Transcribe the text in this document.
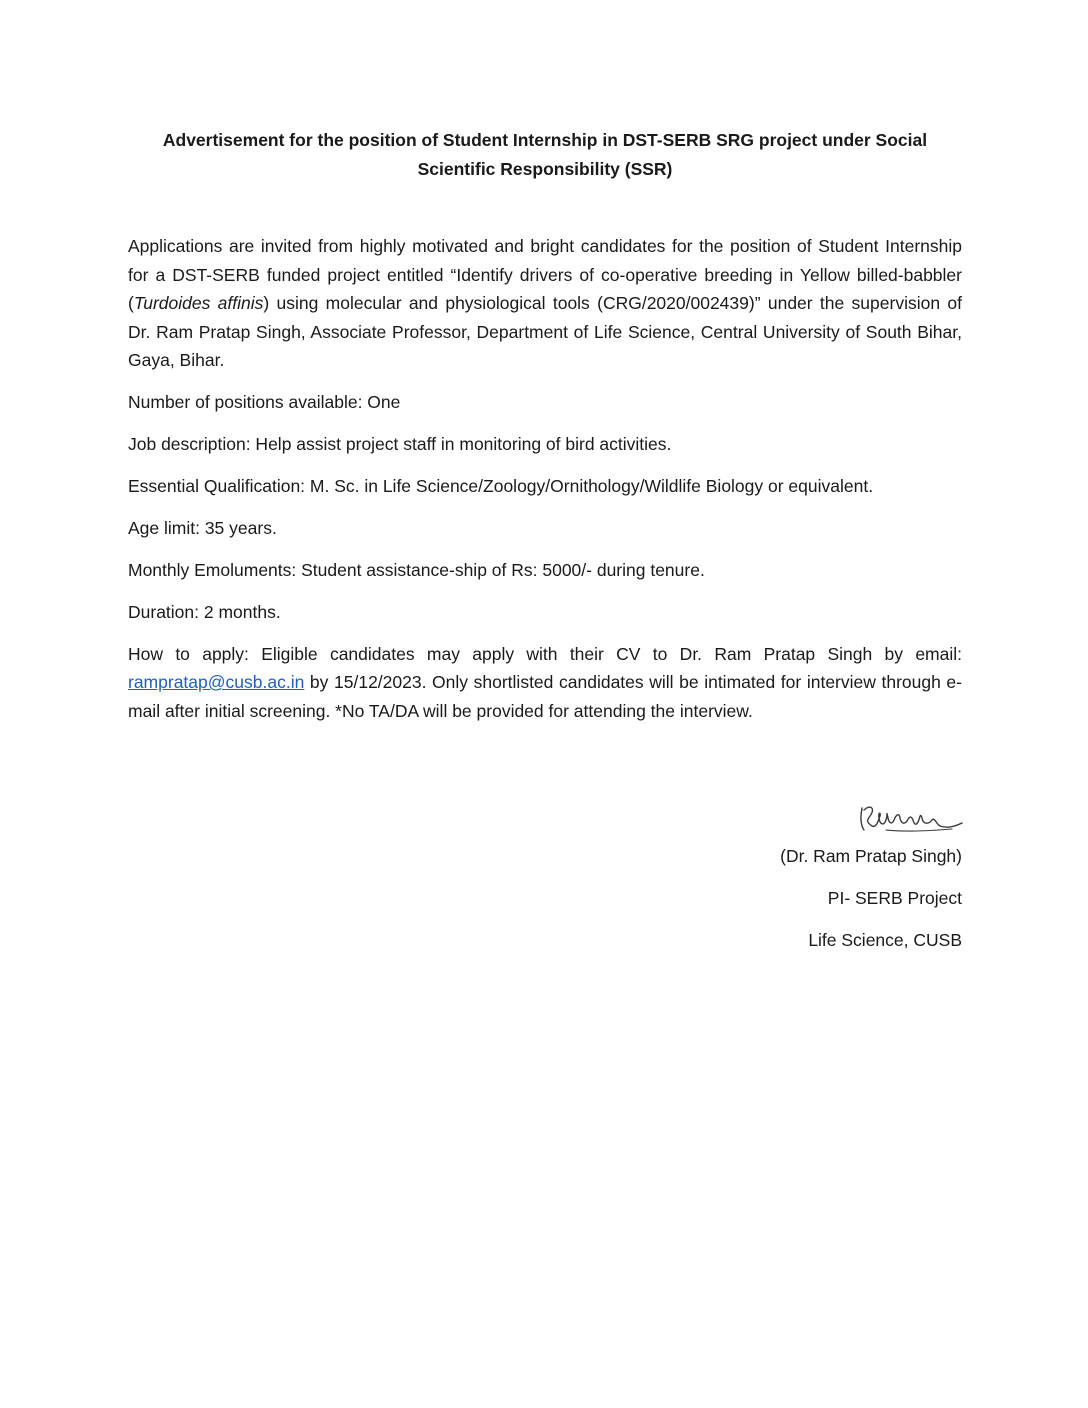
Advertisement for the position of Student Internship in DST-SERB SRG project under Social Scientific Responsibility (SSR)

Applications are invited from highly motivated and bright candidates for the position of Student Internship for a DST-SERB funded project entitled “Identify drivers of co-operative breeding in Yellow billed-babbler (Turdoides affinis) using molecular and physiological tools (CRG/2020/002439)” under the supervision of Dr. Ram Pratap Singh, Associate Professor, Department of Life Science, Central University of South Bihar, Gaya, Bihar.

Number of positions available: One

Job description: Help assist project staff in monitoring of bird activities.

Essential Qualification: M. Sc. in Life Science/Zoology/Ornithology/Wildlife Biology or equivalent.

Age limit: 35 years.

Monthly Emoluments: Student assistance-ship of Rs: 5000/- during tenure.

Duration: 2 months.

How to apply: Eligible candidates may apply with their CV to Dr. Ram Pratap Singh by email: rampratap@cusb.ac.in by 15/12/2023. Only shortlisted candidates will be intimated for interview through e-mail after initial screening. *No TA/DA will be provided for attending the interview.

(Dr. Ram Pratap Singh)
PI- SERB Project
Life Science, CUSB
